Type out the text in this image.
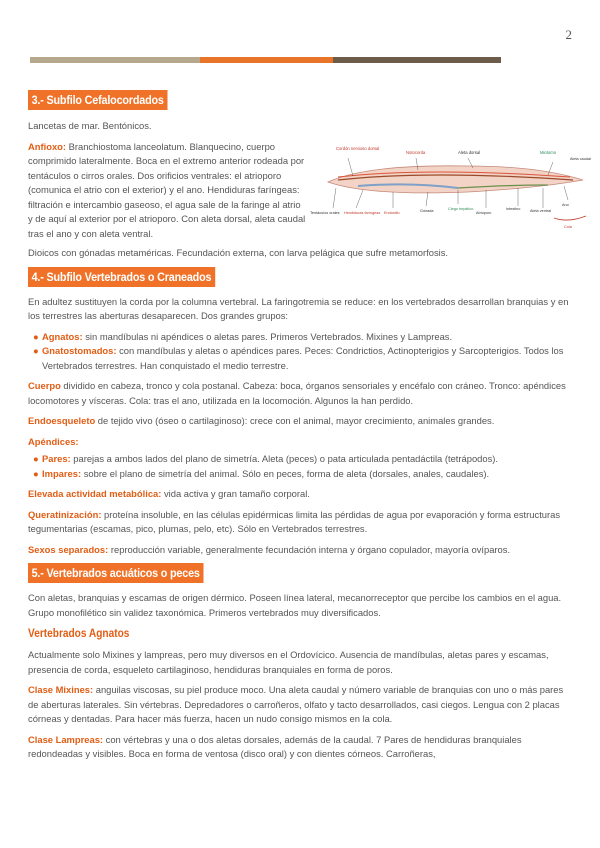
2
3.- Subfilo Cefalocordados

Lancetas de mar. Bentónicos.

Anfioxo: Branchiostoma lanceolatum. Blanquecino, cuerpo comprimido lateralmente. Boca en el extremo anterior rodeada por tentáculos o cirros orales. Dos orificios ventrales: el atrioporo (comunica el atrio con el exterior) y el ano. Hendiduras faríngeas: filtración e intercambio gaseoso, el agua sale de la faringe al atrio y de aquí al exterior por el atrioporo. Con aleta dorsal, aleta caudal tras el ano y con aleta ventral.

Cordón nervioso dorsal
Notocorda	Aleta dorsal	Miotomo
Aleta caudal
Tentáculos orales Hendiduras faríngeas Endostilo	Gónada	Ciego hepático
Atrioporo
Intestino	Aleta ventral
Ano
Cola

Dioicos con gónadas metaméricas. Fecundación externa, con larva pelágica que sufre metamorfosis.

4.- Subfilo Vertebrados o Craneados

En adultez sustituyen la corda por la columna vertebral. La faringotremia se reduce: en los vertebrados desarrollan branquias y en los terrestres las aberturas desaparecen. Dos grandes grupos:

● Agnatos: sin mandíbulas ni apéndices o aletas pares. Primeros Vertebrados. Mixines y Lampreas.
● Gnatostomados: con mandíbulas y aletas o apéndices pares. Peces: Condrictios, Actinopterigios y Sarcopterigios. Todos los Vertebrados terrestres. Han conquistado el medio terrestre.

Cuerpo dividido en cabeza, tronco y cola postanal. Cabeza: boca, órganos sensoriales y encéfalo con cráneo. Tronco: apéndices locomotores y vísceras. Cola: tras el ano, utilizada en la locomoción. Algunos la han perdido.

Endoesqueleto de tejido vivo (óseo o cartilaginoso): crece con el animal, mayor crecimiento, animales grandes.

Apéndices:

● Pares: parejas a ambos lados del plano de simetría. Aleta (peces) o pata articulada pentadáctila (tetrápodos).
● Impares: sobre el plano de simetría del animal. Sólo en peces, forma de aleta (dorsales, anales, caudales).

Elevada actividad metabólica: vida activa y gran tamaño corporal.

Queratinización: proteína insoluble, en las células epidérmicas limita las pérdidas de agua por evaporación y forma estructuras tegumentarias (escamas, pico, plumas, pelo, etc). Sólo en Vertebrados terrestres.

Sexos separados: reproducción variable, generalmente fecundación interna y órgano copulador, mayoría ovíparos.

5.- Vertebrados acuáticos o peces

Con aletas, branquias y escamas de origen dérmico. Poseen línea lateral, mecanorreceptor que percibe los cambios en el agua. Grupo monofilético sin validez taxonómica. Primeros vertebrados muy diversificados.

Vertebrados Agnatos

Actualmente solo Mixines y lampreas, pero muy diversos en el Ordovícico. Ausencia de mandíbulas, aletas pares y escamas, presencia de corda, esqueleto cartilaginoso, hendiduras branquiales en forma de poros.

Clase Mixines: anguilas viscosas, su piel produce moco. Una aleta caudal y número variable de branquias con uno o más pares de aberturas laterales. Sin vértebras. Depredadores o carroñeros, olfato y tacto desarrollados, casi ciegos. Lengua con 2 placas córneas y dentadas. Para hacer más fuerza, hacen un nudo consigo mismos en la cola.

Clase Lampreas: con vértebras y una o dos aletas dorsales, además de la caudal. 7 Pares de hendiduras branquiales redondeadas y visibles. Boca en forma de ventosa (disco oral) y con dientes córneos. Carroñeras,
